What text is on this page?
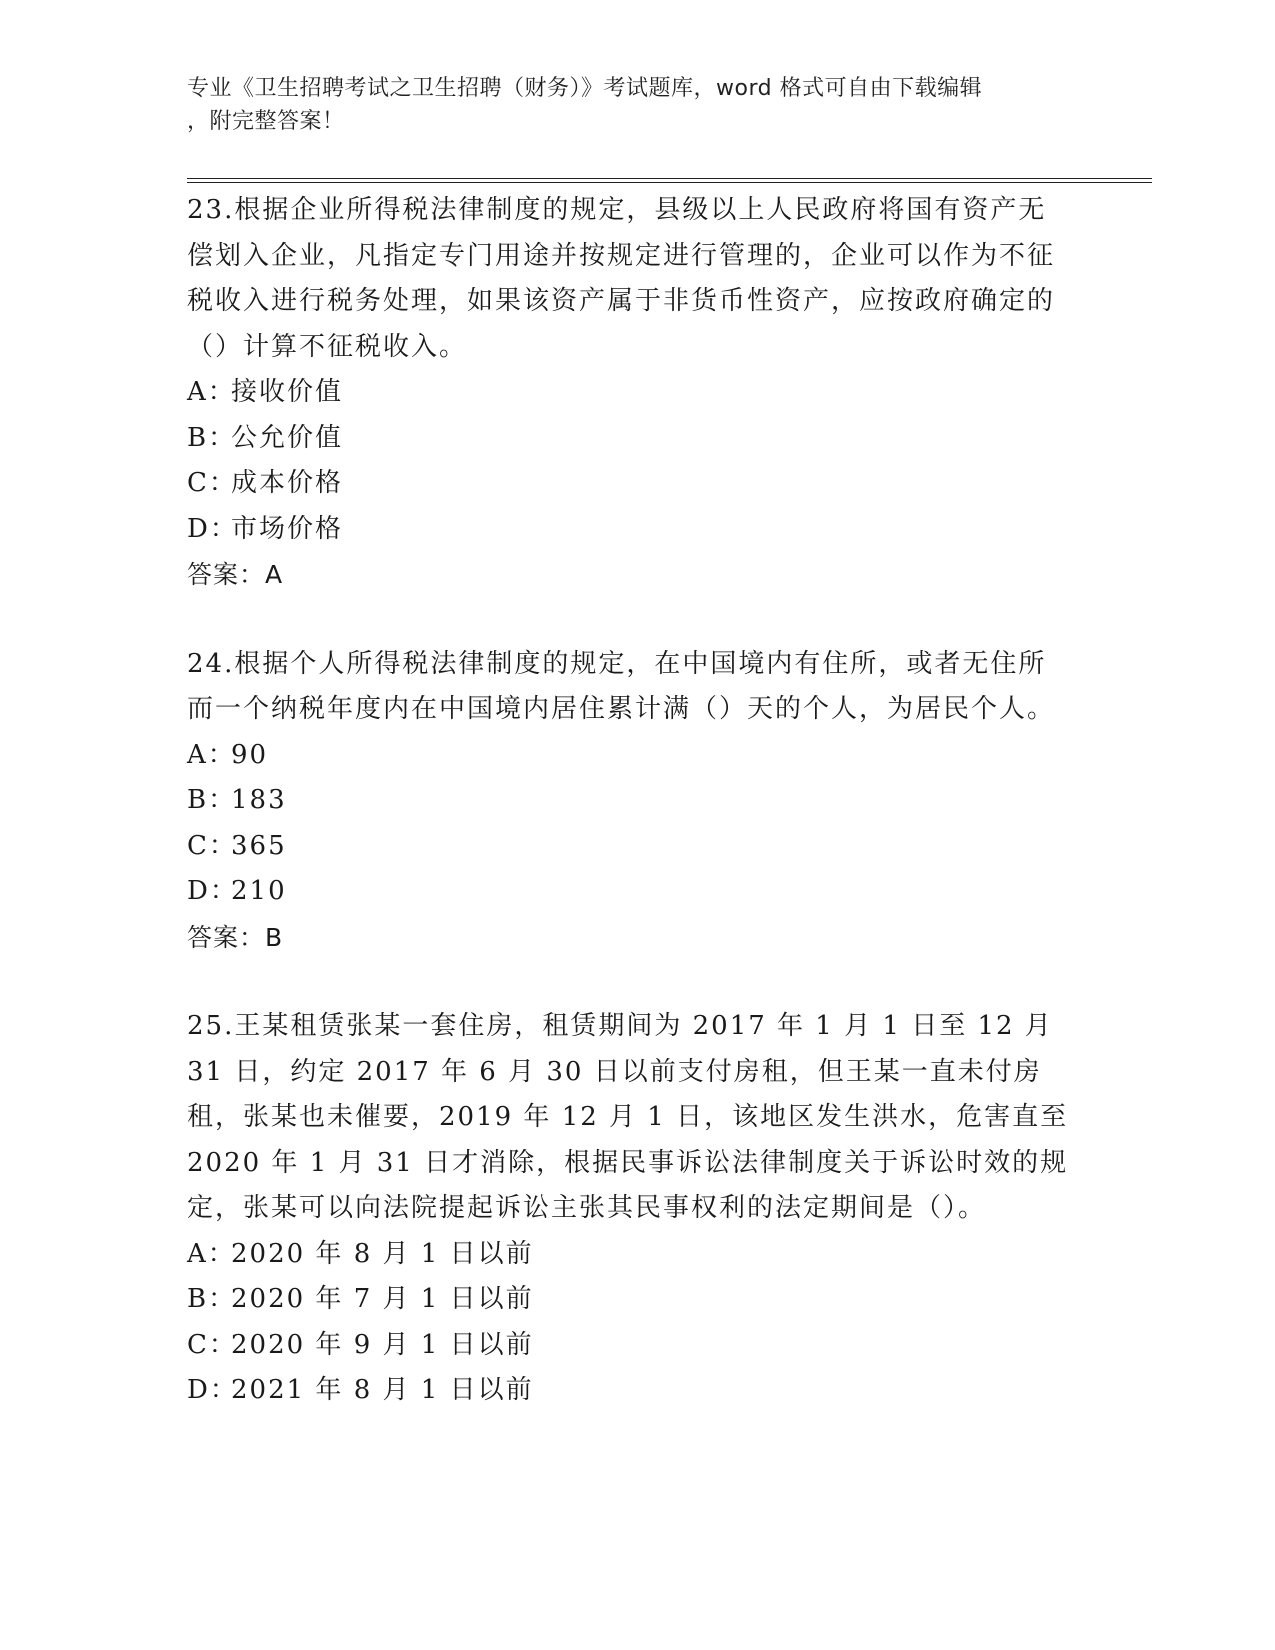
专业《卫生招聘考试之卫生招聘（财务）》考试题库，word 格式可自由下载编辑
，附完整答案！

23.根据企业所得税法律制度的规定，县级以上人民政府将国有资产无偿划入企业，凡指定专门用途并按规定进行管理的，企业可以作为不征税收入进行税务处理，如果该资产属于非货币性资产，应按政府确定的（）计算不征税收入。

A：接收价值

B：公允价值

C：成本价格

D：市场价格

答案：A

24.根据个人所得税法律制度的规定，在中国境内有住所，或者无住所而一个纳税年度内在中国境内居住累计满（）天的个人，为居民个人。

A：90

B：183

C：365

D：210

答案：B

25.王某租赁张某一套住房，租赁期间为 2017 年 1 月 1 日至 12 月 31 日，约定 2017 年 6 月 30 日以前支付房租，但王某一直未付房租，张某也未催要，2019 年 12 月 1 日，该地区发生洪水，危害直至 2020 年 1 月 31 日才消除，根据民事诉讼法律制度关于诉讼时效的规定，张某可以向法院提起诉讼主张其民事权利的法定期间是（）。

A：2020 年 8 月 1 日以前

B：2020 年 7 月 1 日以前

C：2020 年 9 月 1 日以前

D：2021 年 8 月 1 日以前
